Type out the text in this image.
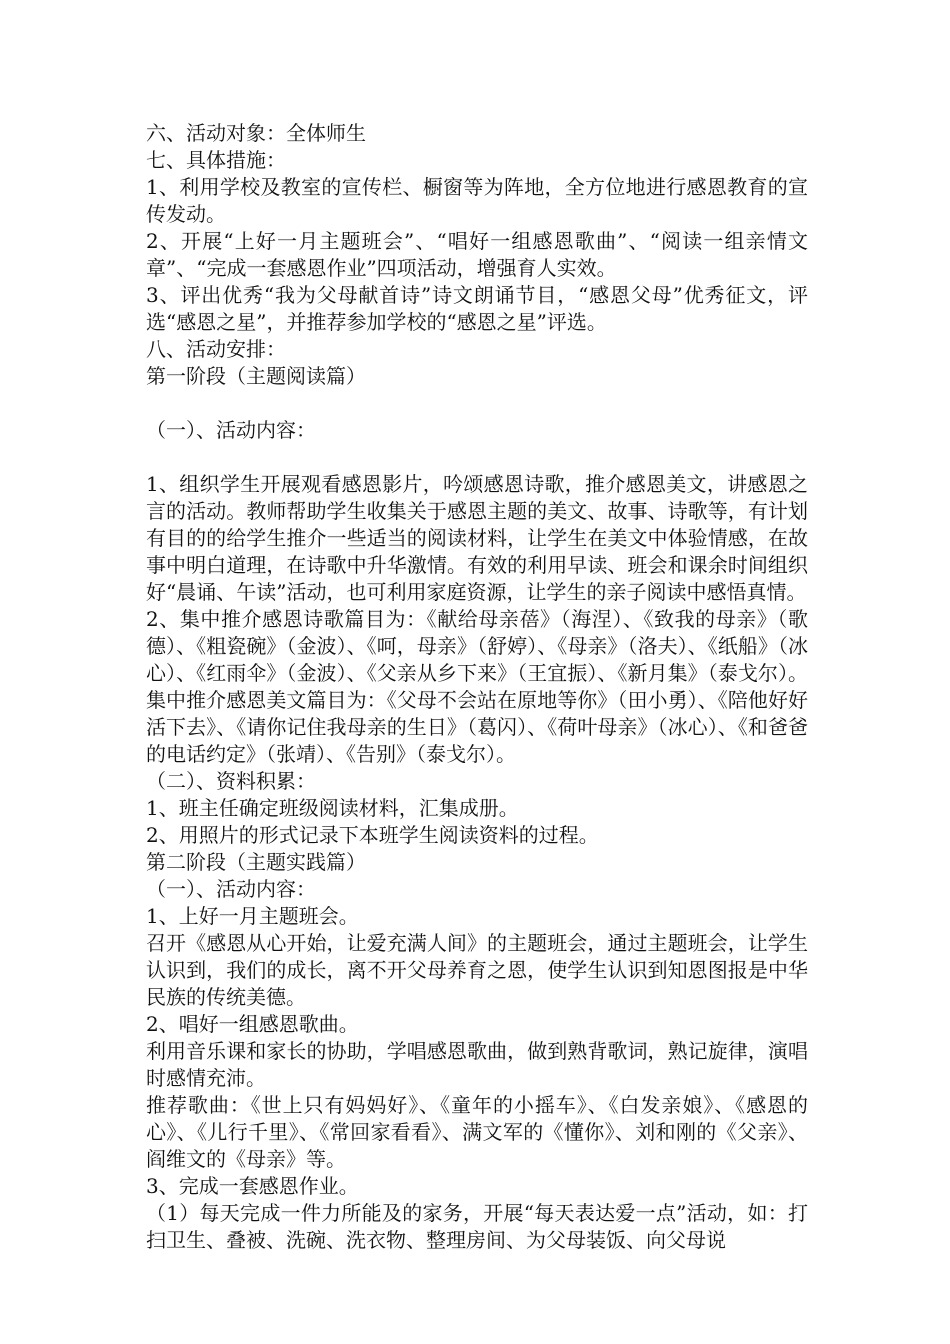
六、活动对象：全体师生

七、具体措施：

1、利用学校及教室的宣传栏、橱窗等为阵地，全方位地进行感恩教育的宣传发动。

2、开展“上好一月主题班会”、“唱好一组感恩歌曲”、“阅读一组亲情文章”、“完成一套感恩作业”四项活动，增强育人实效。

3、评出优秀“我为父母献首诗”诗文朗诵节目，“感恩父母”优秀征文，评选“感恩之星”，并推荐参加学校的“感恩之星”评选。

八、活动安排：

第一阶段（主题阅读篇）

（一）、活动内容：

1、组织学生开展观看感恩影片，吟颂感恩诗歌，推介感恩美文，讲感恩之言的活动。教师帮助学生收集关于感恩主题的美文、故事、诗歌等，有计划有目的的给学生推介一些适当的阅读材料，让学生在美文中体验情感，在故事中明白道理，在诗歌中升华激情。有效的利用早读、班会和课余时间组织好“晨诵、午读”活动，也可利用家庭资源，让学生的亲子阅读中感悟真情。

2、集中推介感恩诗歌篇目为：《献给母亲蓓》（海涅）、《致我的母亲》（歌德）、《粗瓷碗》（金波）、《呵，母亲》（舒婷）、《母亲》（洛夫）、《纸船》（冰心）、《红雨伞》（金波）、《父亲从乡下来》（王宜振）、《新月集》（泰戈尔）。集中推介感恩美文篇目为：《父母不会站在原地等你》（田小勇）、《陪他好好活下去》、《请你记住我母亲的生日》（葛闪）、《荷叶母亲》（冰心）、《和爸爸的电话约定》（张靖）、《告别》（泰戈尔）。

（二）、资料积累：

1、班主任确定班级阅读材料，汇集成册。

2、用照片的形式记录下本班学生阅读资料的过程。

第二阶段（主题实践篇）

（一）、活动内容：

1、上好一月主题班会。

召开《感恩从心开始，让爱充满人间》的主题班会，通过主题班会，让学生认识到，我们的成长，离不开父母养育之恩，使学生认识到知恩图报是中华民族的传统美德。

2、唱好一组感恩歌曲。

利用音乐课和家长的协助，学唱感恩歌曲，做到熟背歌词，熟记旋律，演唱时感情充沛。

推荐歌曲：《世上只有妈妈好》、《童年的小摇车》、《白发亲娘》、《感恩的心》、《儿行千里》、《常回家看看》、满文军的《懂你》、刘和刚的《父亲》、阎维文的《母亲》等。

3、完成一套感恩作业。

（1）每天完成一件力所能及的家务，开展“每天表达爱一点”活动，如：打扫卫生、叠被、洗碗、洗衣物、整理房间、为父母装饭、向父母说
